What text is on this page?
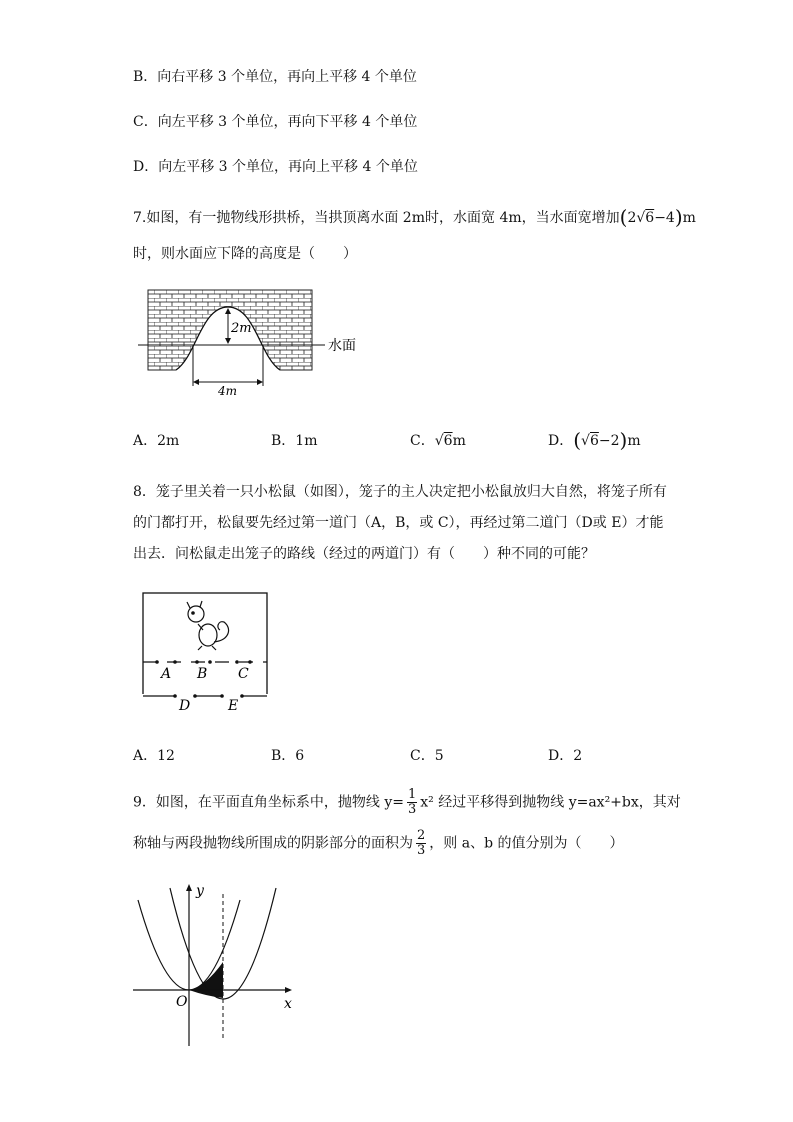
B．向右平移 3 个单位，再向上平移 4 个单位
C．向左平移 3 个单位，再向下平移 4 个单位
D．向左平移 3 个单位，再向上平移 4 个单位
7.如图，有一抛物线形拱桥，当拱顶离水面 2m时，水面宽 4m，当水面宽增加(2√6−4)m
时，则水面应下降的高度是（　　）
2m
4m
水面
A．2m	B．1m	C．√6m	D．(√6−2)m
8．笼子里关着一只小松鼠（如图），笼子的主人决定把小松鼠放归大自然，将笼子所有
的门都打开，松鼠要先经过第一道门（A，B，或 C），再经过第二道门（D或 E）才能
出去．问松鼠走出笼子的路线（经过的两道门）有（　　）种不同的可能？
A B C
D	E
A．12	B．6	C．5	D．2
9．如图，在平面直角坐标系中，抛物线 $y= \frac{1}{3} x^2$ 经过平移得到抛物线 y=ax²+bx，其对
称轴与两段抛物线所围成的阴影部分的面积为 $\frac{2}{3}$ ，则 a、b 的值分别为（　　）
y
x
O
